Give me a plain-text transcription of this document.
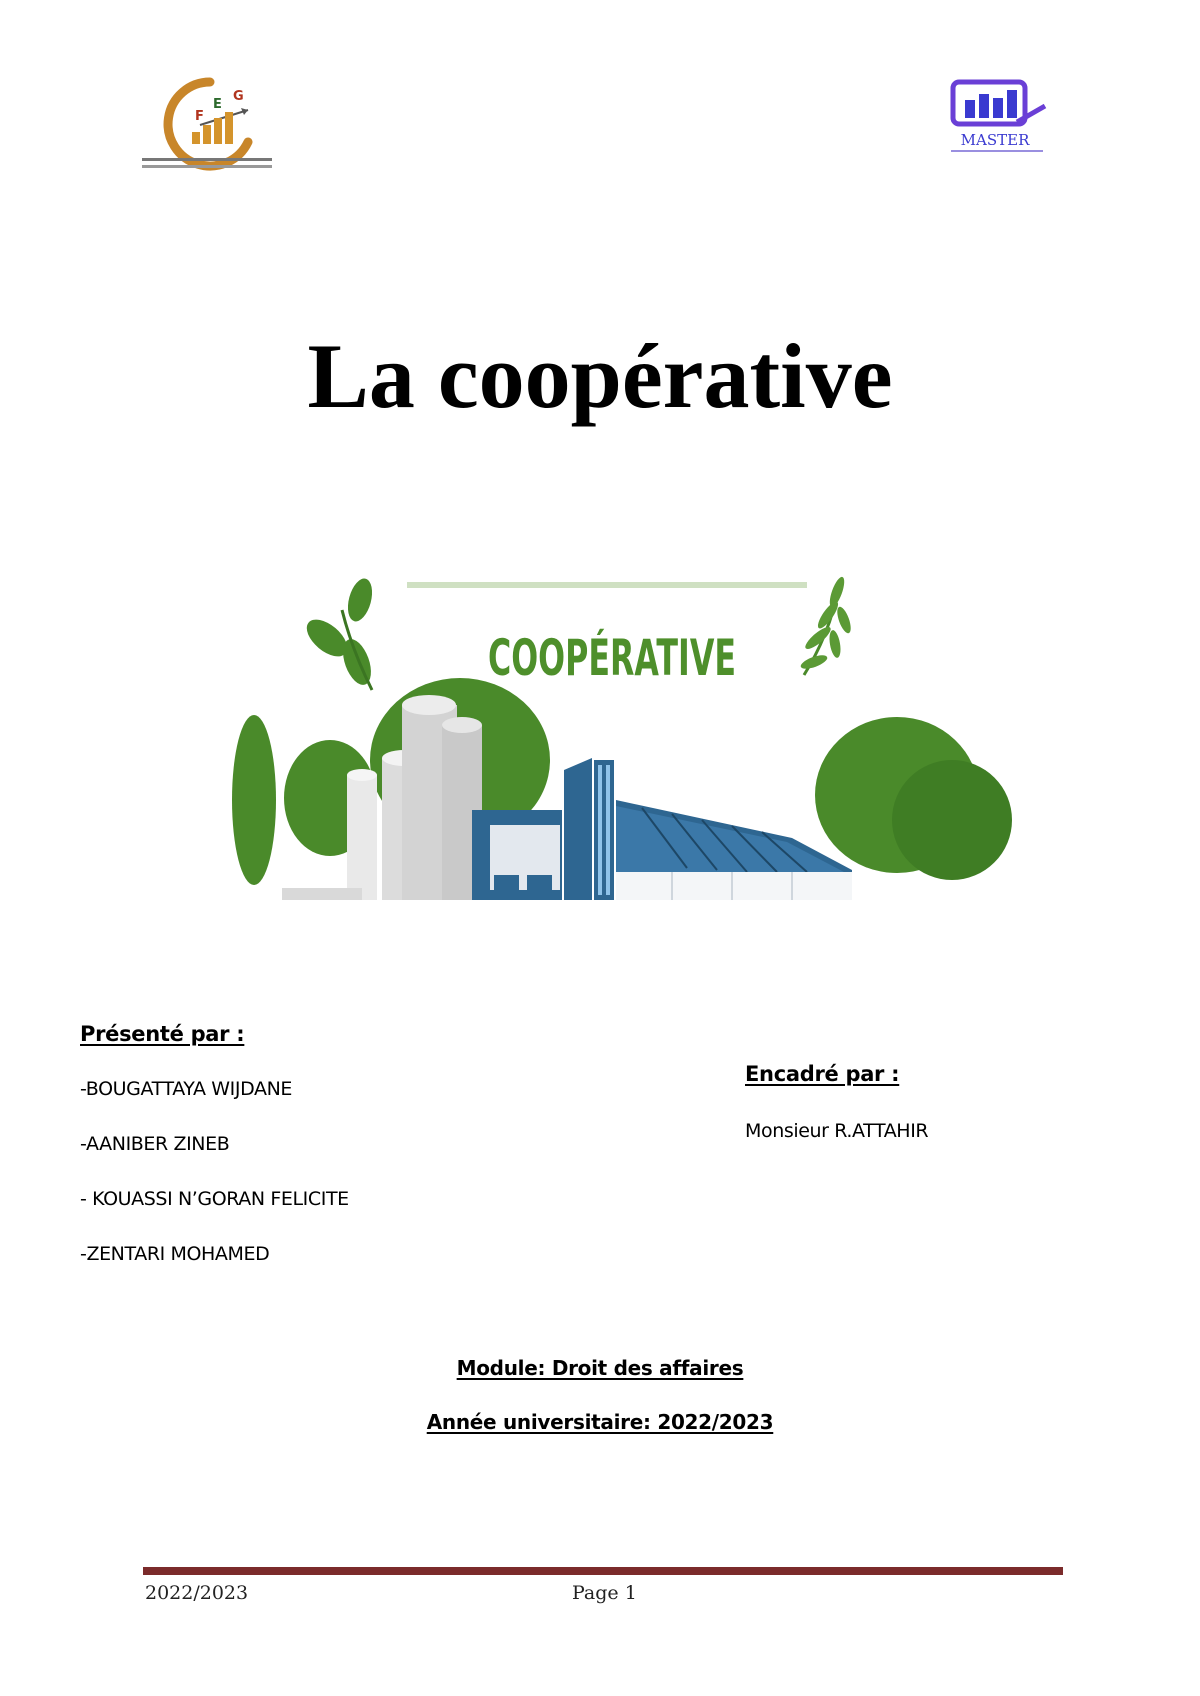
F
E
G
MASTER
La coopérative
COOPÉRATIVE
Présenté par :
-BOUGATTAYA WIJDANE
-AANIBER ZINEB
- KOUASSI N’GORAN FELICITE
-ZENTARI MOHAMED
Encadré par :
Monsieur R.ATTAHIR
Module: Droit des affaires
Année universitaire: 2022/2023
2022/2023	Page 1
